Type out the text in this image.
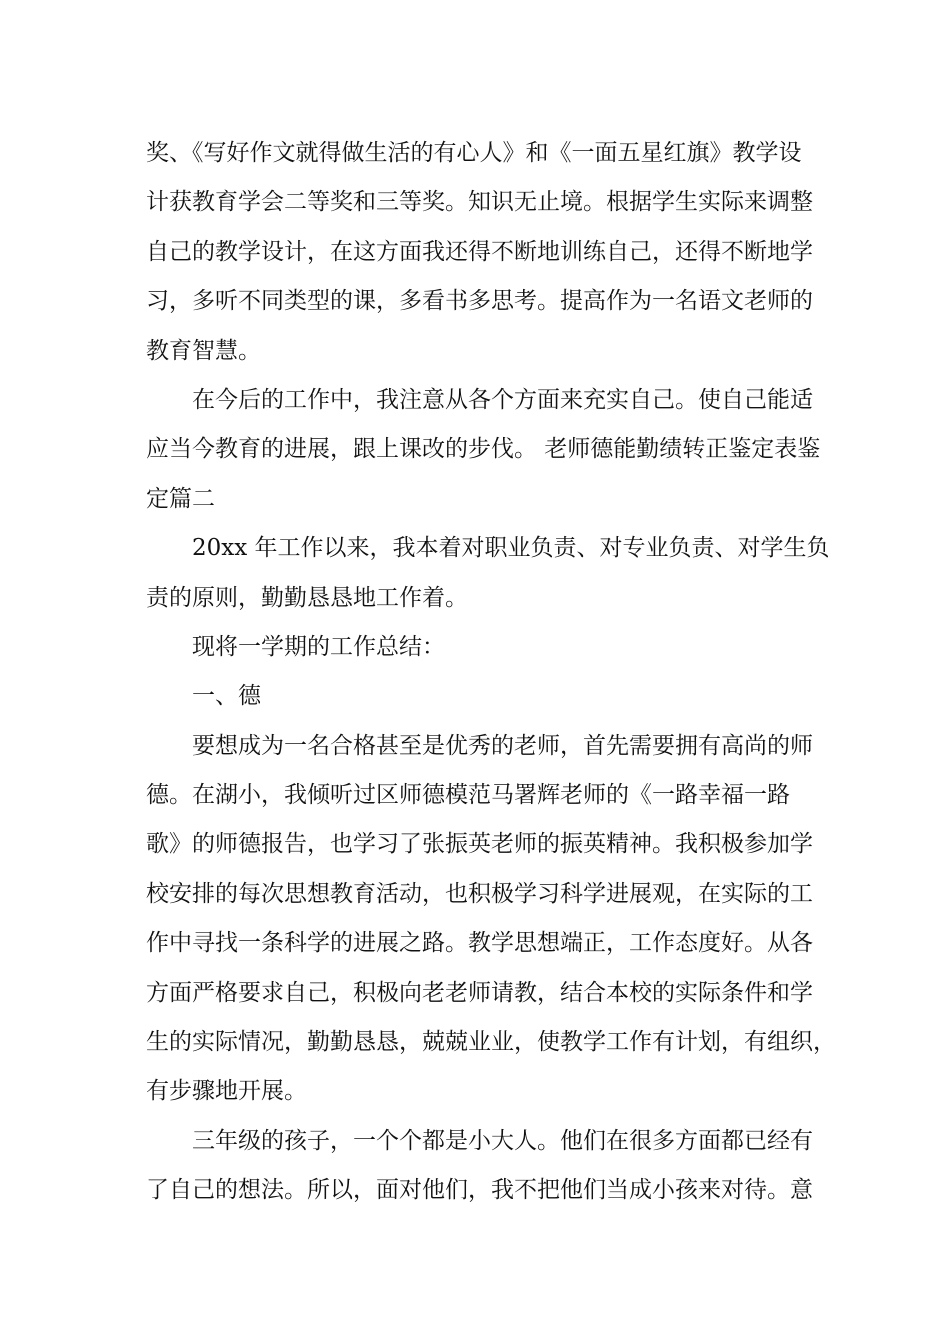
奖、《写好作文就得做生活的有心人》和《一面五星红旗》教学设
计获教育学会二等奖和三等奖。知识无止境。根据学生实际来调整
自己的教学设计，在这方面我还得不断地训练自己，还得不断地学
习，多听不同类型的课，多看书多思考。提高作为一名语文老师的
教育智慧。
在今后的工作中，我注意从各个方面来充实自己。使自己能适
应当今教育的进展，跟上课改的步伐。 老师德能勤绩转正鉴定表鉴
定篇二
20xx 年工作以来，我本着对职业负责、对专业负责、对学生负
责的原则，勤勤恳恳地工作着。
现将一学期的工作总结：
一、德
要想成为一名合格甚至是优秀的老师，首先需要拥有高尚的师
德。在湖小，我倾听过区师德模范马署辉老师的《一路幸福一路
歌》的师德报告，也学习了张振英老师的振英精神。我积极参加学
校安排的每次思想教育活动，也积极学习科学进展观，在实际的工
作中寻找一条科学的进展之路。教学思想端正，工作态度好。从各
方面严格要求自己，积极向老老师请教，结合本校的实际条件和学
生的实际情况，勤勤恳恳，兢兢业业，使教学工作有计划，有组织，
有步骤地开展。
三年级的孩子，一个个都是小大人。他们在很多方面都已经有
了自己的想法。所以，面对他们，我不把他们当成小孩来对待。意
